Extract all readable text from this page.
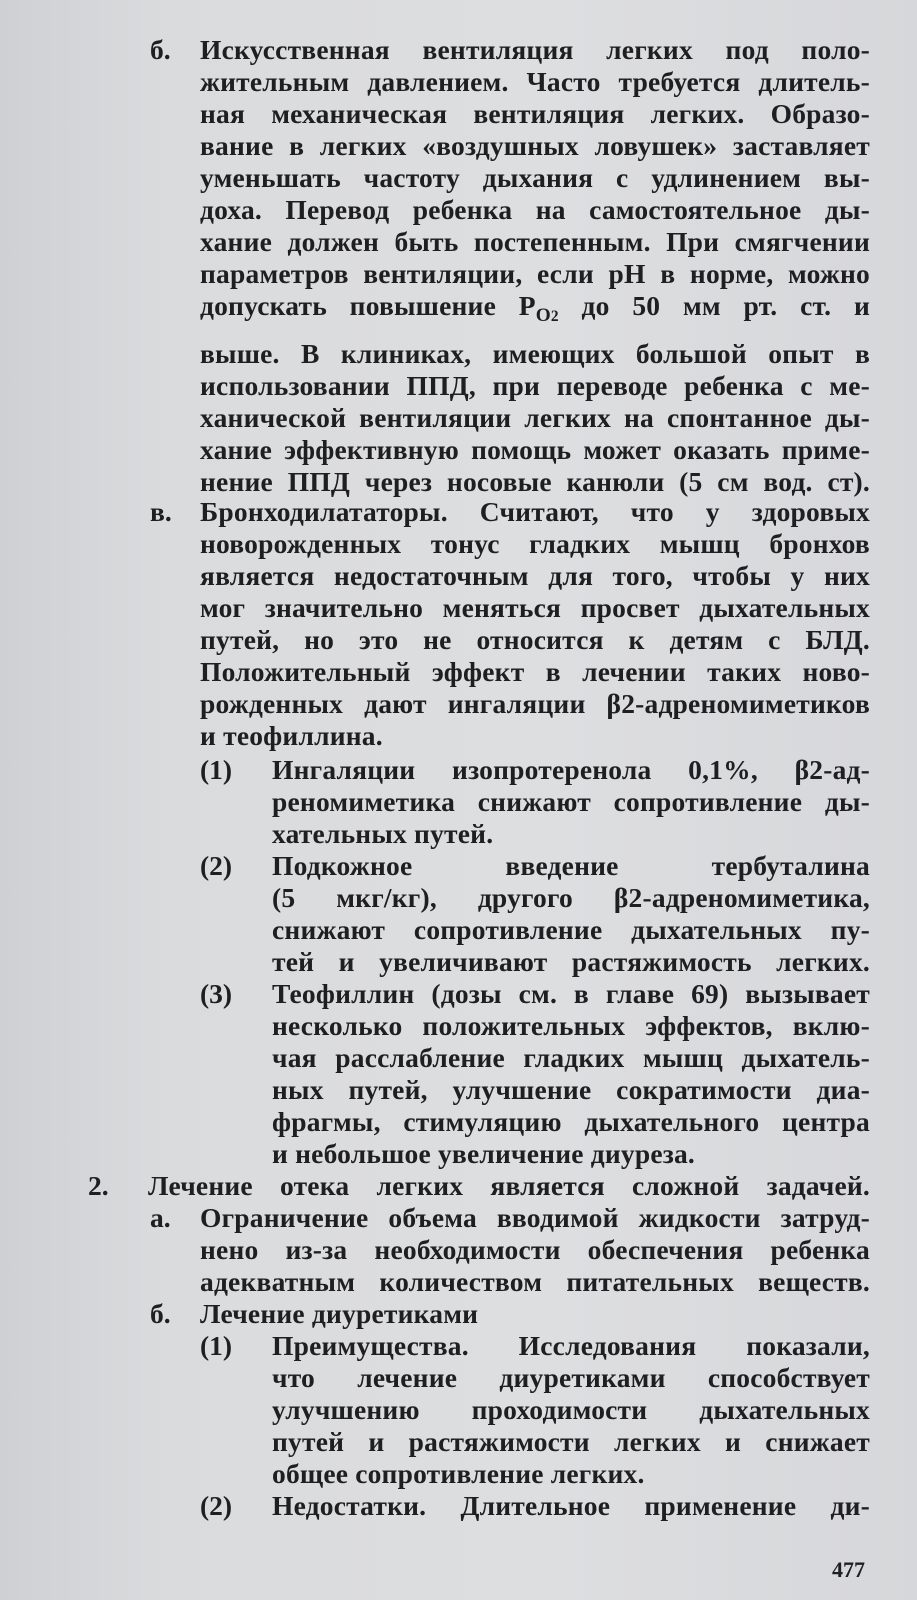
б. Искусственная вентиляция легких под поло-
жительным давлением. Часто требуется длитель-
ная механическая вентиляция легких. Образо-
вание в легких «воздушных ловушек» заставляет
уменьшать частоту дыхания с удлинением вы-
доха. Перевод ребенка на самостоятельное ды-
хание должен быть постепенным. При смягчении
параметров вентиляции, если pH в норме, можно
допускать повышение $P_{O2}$ до 50 мм рт. ст. и
выше. В клиниках, имеющих большой опыт в
использовании ППД, при переводе ребенка с ме-
ханической вентиляции легких на спонтанное ды-
хание эффективную помощь может оказать приме-
нение ППД через носовые канюли (5 см вод. ст).
в. Бронходилататоры. Считают, что у здоровых
новорожденных тонус гладких мышц бронхов
является недостаточным для того, чтобы у них
мог значительно меняться просвет дыхательных
путей, но это не относится к детям с БЛД.
Положительный эффект в лечении таких ново-
рожденных дают ингаляции β2-адреномиметиков
и теофиллина.
(1) Ингаляции изопротеренола 0,1%, β2-ад-
реномиметика снижают сопротивление ды-
хательных путей.
(2) Подкожное введение тербуталина
(5 мкг/кг), другого β2-адреномиметика,
снижают сопротивление дыхательных пу-
тей и увеличивают растяжимость легких.
(3) Теофиллин (дозы см. в главе 69) вызывает
несколько положительных эффектов, вклю-
чая расслабление гладких мышц дыхатель-
ных путей, улучшение сократимости диа-
фрагмы, стимуляцию дыхательного центра
и небольшое увеличение диуреза.
2. Лечение отека легких является сложной задачей.
а. Ограничение объема вводимой жидкости затруд-
нено из-за необходимости обеспечения ребенка
адекватным количеством питательных веществ.
б. Лечение диуретиками
(1) Преимущества. Исследования показали,
что лечение диуретиками способствует
улучшению проходимости дыхательных
путей и растяжимости легких и снижает
общее сопротивление легких.
(2) Недостатки. Длительное применение ди-
477
